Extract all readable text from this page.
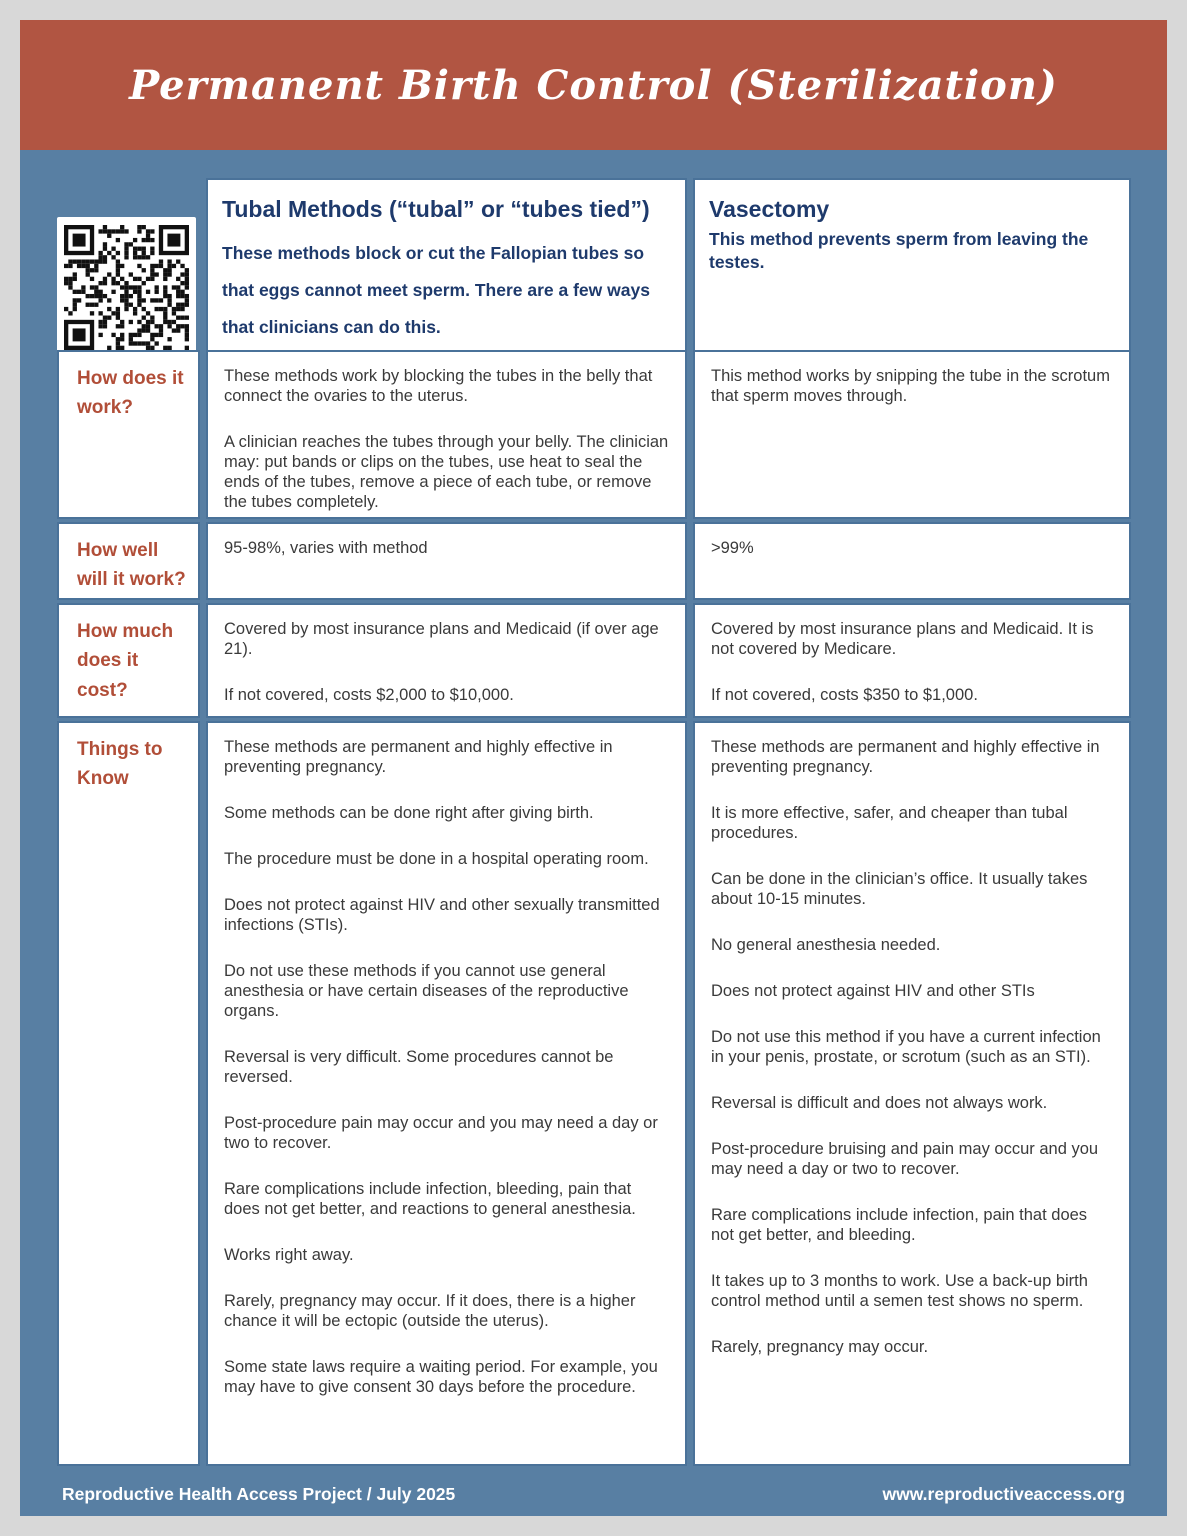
Permanent Birth Control (Sterilization)
Tubal Methods (“tubal” or “tubes tied”)

These methods block or cut the Fallopian tubes so that eggs cannot meet sperm. There are a few ways that clinicians can do this.

Vasectomy

This method prevents sperm from leaving the testes.

How does it work?

These methods work by blocking the tubes in the belly that connect the ovaries to the uterus.

A clinician reaches the tubes through your belly. The clinician may: put bands or clips on the tubes, use heat to seal the ends of the tubes, remove a piece of each tube, or remove the tubes completely.

This method works by snipping the tube in the scrotum that sperm moves through.

How well will it work?

95-98%, varies with method	>99%

How much does it cost?

Covered by most insurance plans and Medicaid (if over age 21).

If not covered, costs $2,000 to $10,000.

Covered by most insurance plans and Medicaid. It is not covered by Medicare.

If not covered, costs $350 to $1,000.

Things to Know

These methods are permanent and highly effective in preventing pregnancy.

Some methods can be done right after giving birth.

The procedure must be done in a hospital operating room.

Does not protect against HIV and other sexually transmitted infections (STIs).

Do not use these methods if you cannot use general anesthesia or have certain diseases of the reproductive organs.

Reversal is very difficult. Some procedures cannot be reversed.

Post-procedure pain may occur and you may need a day or two to recover.

Rare complications include infection, bleeding, pain that does not get better, and reactions to general anesthesia.

Works right away.

Rarely, pregnancy may occur. If it does, there is a higher chance it will be ectopic (outside the uterus).

Some state laws require a waiting period. For example, you may have to give consent 30 days before the procedure.

These methods are permanent and highly effective in preventing pregnancy.

It is more effective, safer, and cheaper than tubal procedures.

Can be done in the clinician’s office. It usually takes about 10-15 minutes.

No general anesthesia needed.

Does not protect against HIV and other STIs

Do not use this method if you have a current infection in your penis, prostate, or scrotum (such as an STI).

Reversal is difficult and does not always work.

Post-procedure bruising and pain may occur and you may need a day or two to recover.

Rare complications include infection, pain that does not get better, and bleeding.

It takes up to 3 months to work. Use a back-up birth control method until a semen test shows no sperm.

Rarely, pregnancy may occur.

Reproductive Health Access Project / July 2025	www.reproductiveaccess.org
